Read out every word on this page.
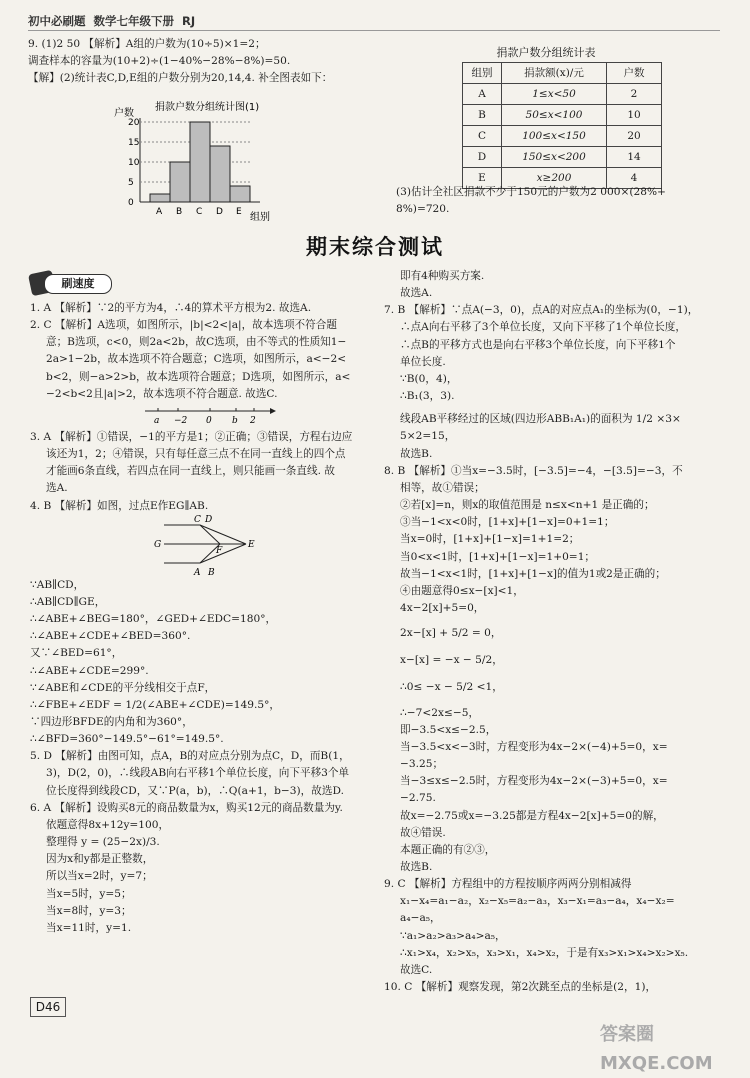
初中必刷题  数学七年级下册  RJ

9. (1)2 50 【解析】A组的户数为(10÷5)×1=2；

调查样本的容量为(10+2)÷(1−40%−28%−8%)=50.

【解】(2)统计表C,D,E组的户数分别为20,14,4. 补全图表如下：

捐款户数分组统计图(1)
户数
0
5
10
15
20
A B C D E 组别
捐款户数分组统计表
组别	捐款额(x)/元	户数
A	1≤x<50	2
B	50≤x<100	10
C	100≤x<150	20
D	150≤x<200	14
E	x≥200	4

(3)估计全社区捐款不少于150元的户数为2 000×(28%+

8%)=720.

期末综合测试
刷速度

1. A 【解析】∵2的平方为4，∴4的算术平方根为2. 故选A.

2. C 【解析】A选项，如图所示，|b|<2<|a|，故本选项不符合题

意；B选项，c<0，则2a<2b，故C选项，由不等式的性质知1−

2a>1−2b，故本选项不符合题意；C选项，如图所示，a<−2<

b<2，则−a>2>b，故本选项符合题意；D选项，如图所示，a<

−2<b<2且|a|>2，故本选项不符合题意. 故选C.

a −2 0 b 2

3. A 【解析】①错误，−1的平方是1；②正确；③错误，方程右边应

该还为1，2；④错误，只有每任意三点不在同一直线上的四个点

才能画6条直线，若四点在同一直线上，则只能画一条直线. 故

选A.

4. B 【解析】如图，过点E作EG∥AB.

C D
G	E
A B
F

∵AB∥CD，

∴AB∥CD∥GE，

∴∠ABE+∠BEG=180°，∠GED+∠EDC=180°，

∴∠ABE+∠CDE+∠BED=360°.

又∵∠BED=61°，

∴∠ABE+∠CDE=299°.

∵∠ABE和∠CDE的平分线相交于点F，

∴∠FBE+∠EDF = 1/2(∠ABE+∠CDE)=149.5°，

∵四边形BFDE的内角和为360°，

∴∠BFD=360°−149.5°−61°=149.5°.

5. D 【解析】由图可知，点A，B的对应点分别为点C，D，而B(1，

3)，D(2，0)，∴线段AB向右平移1个单位长度，向下平移3个单

位长度得到线段CD，又∵P(a，b)，∴Q(a+1，b−3)，故选D.

6. A 【解析】设购买8元的商品数量为x，购买12元的商品数量为y.

依题意得8x+12y=100，

整理得 y = (25−2x)/3.

因为x和y都是正整数，

所以当x=2时，y=7；

当x=5时，y=5；

当x=8时，y=3；

当x=11时，y=1.

即有4种购买方案.

故选A.

7. B 【解析】∵点A(−3，0)，点A的对应点A₁的坐标为(0，−1)，

∴点A向右平移了3个单位长度，又向下平移了1个单位长度，

∴点B的平移方式也是向右平移3个单位长度，向下平移1个

单位长度.

∵B(0，4)，

∴B₁(3，3).

线段AB平移经过的区域(四边形ABB₁A₁)的面积为 1/2 ×3×

5×2=15，

故选B.

8. B 【解析】①当x=−3.5时，[−3.5]=−4，−[3.5]=−3，不

相等，故①错误；

②若[x]=n，则x的取值范围是 n≤x<n+1 是正确的；

③当−1<x<0时，[1+x]+[1−x]=0+1=1；

当x=0时，[1+x]+[1−x]=1+1=2；

当0<x<1时，[1+x]+[1−x]=1+0=1；

故当−1<x<1时，[1+x]+[1−x]的值为1或2是正确的；

④由题意得0≤x−[x]<1，

4x−2[x]+5=0，

2x−[x] + 5/2 = 0，

x−[x] = −x − 5/2，

∴0≤ −x − 5/2 <1，

∴−7<2x≤−5，

即−3.5<x≤−2.5，

当−3.5<x<−3时，方程变形为4x−2×(−4)+5=0，x=

−3.25；

当−3≤x≤−2.5时，方程变形为4x−2×(−3)+5=0，x=

−2.75.

故x=−2.75或x=−3.25都是方程4x−2[x]+5=0的解，

故④错误.

本题正确的有②③，

故选B.

9. C 【解析】方程组中的方程按顺序两两分别相减得

x₁−x₄=a₁−a₂，x₂−x₅=a₂−a₃，x₃−x₁=a₃−a₄，x₄−x₂=

a₄−a₅，

∵a₁>a₂>a₃>a₄>a₅，

∴x₁>x₄，x₂>x₅，x₃>x₁，x₄>x₂，于是有x₃>x₁>x₄>x₂>x₅.

故选C.

10. C 【解析】观察发现，第2次跳至点的坐标是(2，1)，

D46
答案圈 MXQE.COM
